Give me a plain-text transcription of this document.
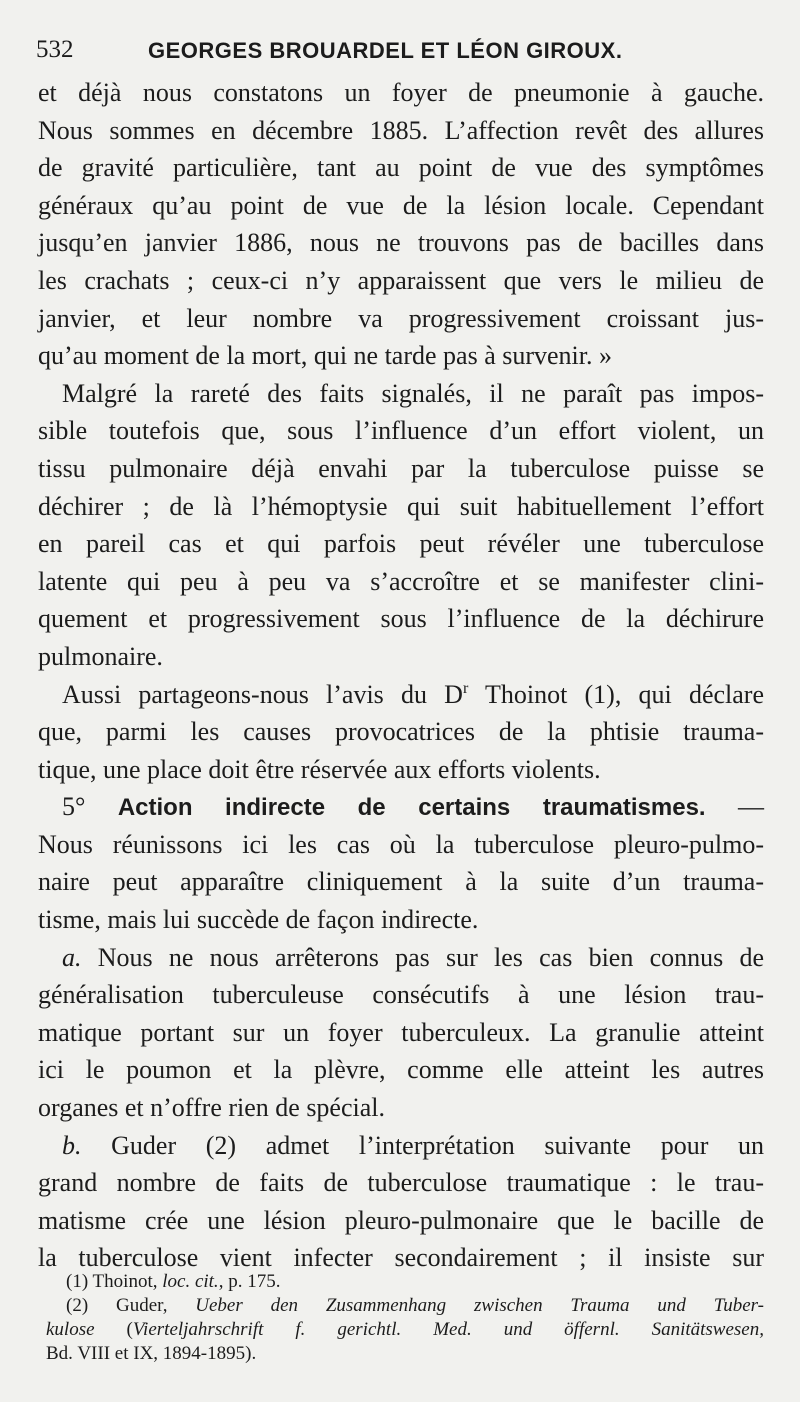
532	GEORGES BROUARDEL ET LÉON GIROUX.
et déjà nous constatons un foyer de pneumonie à gauche.
Nous sommes en décembre 1885. L’affection revêt des allures
de gravité particulière, tant au point de vue des symptômes
généraux qu’au point de vue de la lésion locale. Cependant
jusqu’en janvier 1886, nous ne trouvons pas de bacilles dans
les crachats ; ceux-ci n’y apparaissent que vers le milieu de
janvier, et leur nombre va progressivement croissant jus-
qu’au moment de la mort, qui ne tarde pas à survenir. »
Malgré la rareté des faits signalés, il ne paraît pas impos-
sible toutefois que, sous l’influence d’un effort violent, un
tissu pulmonaire déjà envahi par la tuberculose puisse se
déchirer ; de là l’hémoptysie qui suit habituellement l’effort
en pareil cas et qui parfois peut révéler une tuberculose
latente qui peu à peu va s’accroître et se manifester clini-
quement et progressivement sous l’influence de la déchirure
pulmonaire.
Aussi partageons-nous l’avis du $D^r$ Thoinot (1), qui déclare
que, parmi les causes provocatrices de la phtisie trauma-
tique, une place doit être réservée aux efforts violents.
5° Action indirecte de certains traumatismes. —
Nous réunissons ici les cas où la tuberculose pleuro-pulmo-
naire peut apparaître cliniquement à la suite d’un trauma-
tisme, mais lui succède de façon indirecte.
a. Nous ne nous arrêterons pas sur les cas bien connus de
généralisation tuberculeuse consécutifs à une lésion trau-
matique portant sur un foyer tuberculeux. La granulie atteint
ici le poumon et la plèvre, comme elle atteint les autres
organes et n’offre rien de spécial.
b. Guder (2) admet l’interprétation suivante pour un
grand nombre de faits de tuberculose traumatique : le trau-
matisme crée une lésion pleuro-pulmonaire que le bacille de
la tuberculose vient infecter secondairement ; il insiste sur
(1) Thoinot, loc. cit., p. 175.
(2) Guder, Ueber den Zusammenhang zwischen Trauma und Tuber-
kulose (Vierteljahrschrift f. gerichtl. Med. und öffernl. Sanitätswesen,
Bd. VIII et IX, 1894-1895).
